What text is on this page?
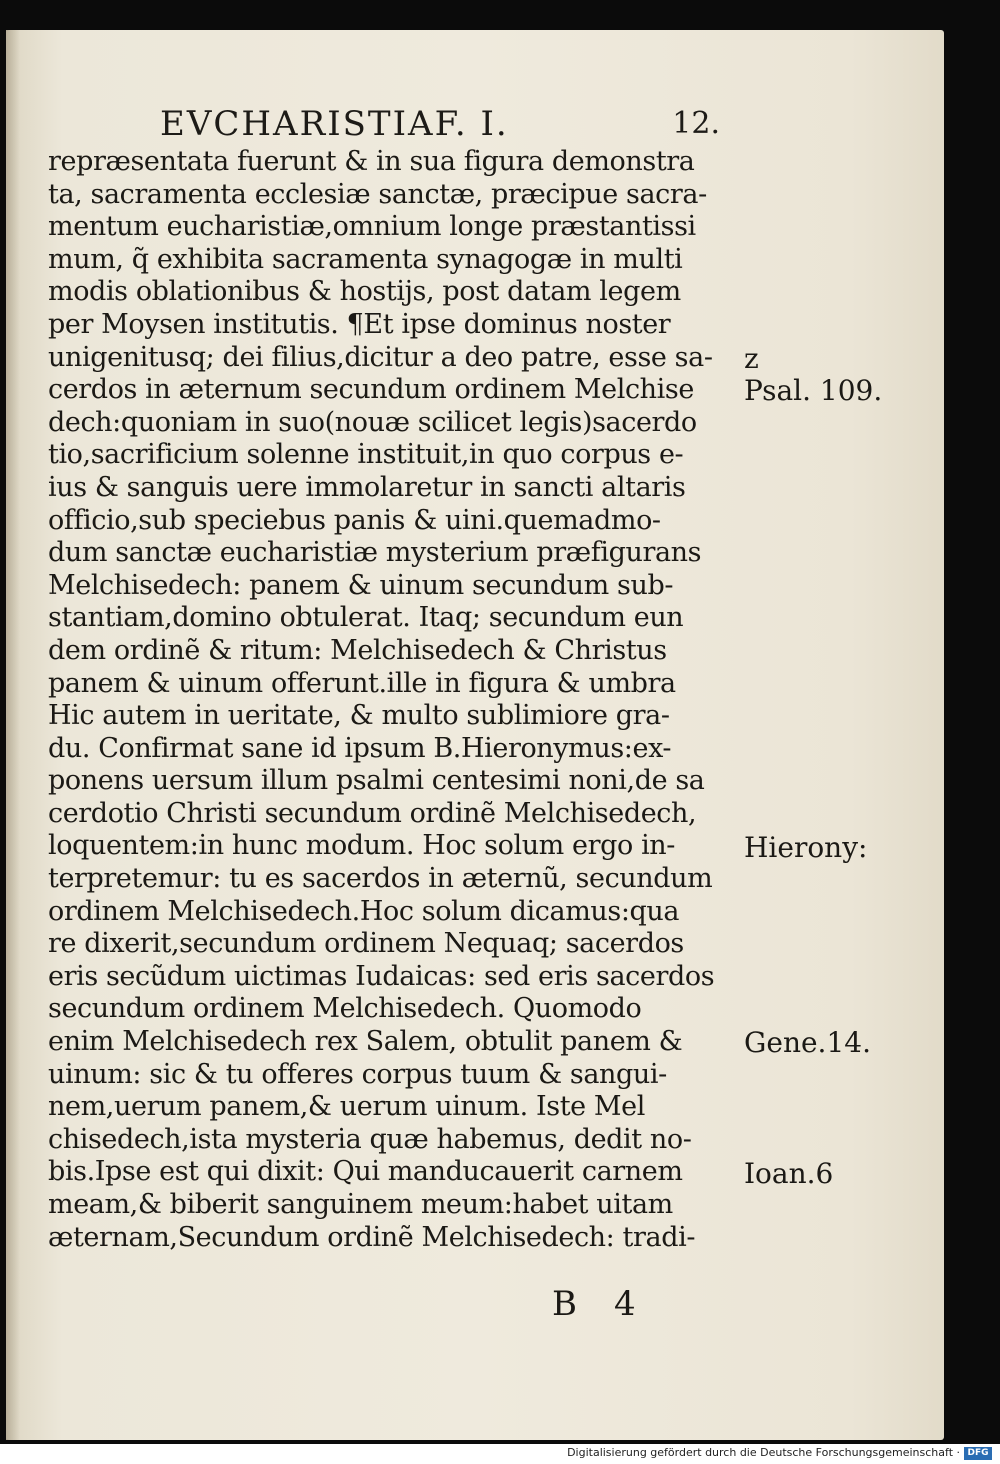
EVCHARISTIAF. I.	12.
repræsentata fuerunt & in sua figura demonstra
ta, sacramenta ecclesiæ sanctæ, præcipue sacra-
mentum eucharistiæ,omnium longe præstantissi
mum, q̃ exhibita sacramenta synagogæ in multi
modis oblationibus & hostijs, post datam legem
per Moysen institutis. ¶Et ipse dominus noster
unigenitusq; dei filius,dicitur a deo patre, esse sa-
cerdos in æternum secundum ordinem Melchise
dech:quoniam in suo(nouæ scilicet legis)sacerdo
tio,sacrificium solenne instituit,in quo corpus e-
ius & sanguis uere immolaretur in sancti altaris
officio,sub speciebus panis & uini.quemadmo-
dum sanctæ eucharistiæ mysterium præfigurans
Melchisedech: panem & uinum secundum sub-
stantiam,domino obtulerat. Itaq; secundum eun
dem ordinẽ & ritum: Melchisedech & Christus
panem & uinum offerunt.ille in figura & umbra
Hic autem in ueritate, & multo sublimiore gra-
du. Confirmat sane id ipsum B.Hieronymus:ex-
ponens uersum illum psalmi centesimi noni,de sa
cerdotio Christi secundum ordinẽ Melchisedech,
loquentem:in hunc modum. Hoc solum ergo in-
terpretemur: tu es sacerdos in æternũ, secundum
ordinem Melchisedech.Hoc solum dicamus:qua
re dixerit,secundum ordinem Nequaq; sacerdos
eris secũdum uictimas Iudaicas: sed eris sacerdos
secundum ordinem Melchisedech. Quomodo
enim Melchisedech rex Salem, obtulit panem &
uinum: sic & tu offeres corpus tuum & sangui-
nem,uerum panem,& uerum uinum. Iste Mel
chisedech,ista mysteria quæ habemus, dedit no-
bis.Ipse est qui dixit: Qui manducauerit carnem
meam,& biberit sanguinem meum:habet uitam
æternam,Secundum ordinẽ Melchisedech: tradi-
z
Psal. 109.
Hierony:
Gene.14.
Ioan.6
B 4
Digitalisierung gefördert durch die Deutsche Forschungsgemeinschaft · DFG
